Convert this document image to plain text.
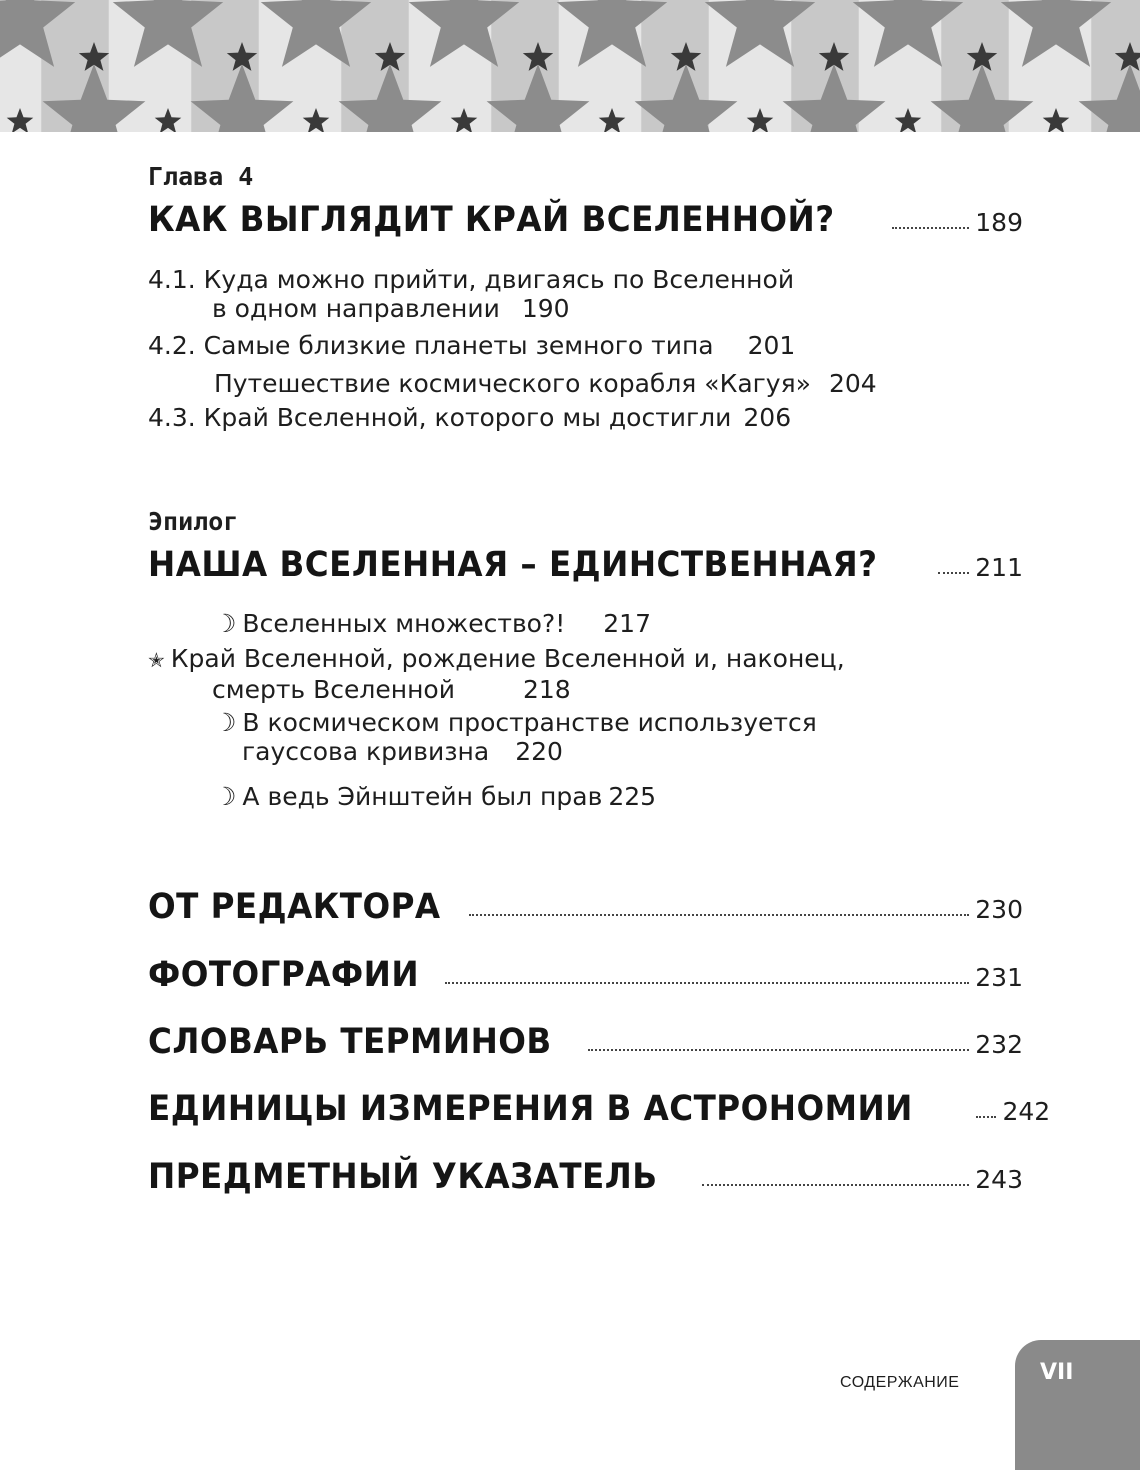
Глава 4
КАК ВЫГЛЯДИТ КРАЙ ВСЕЛЕННОЙ?	189
4.1. Куда можно прийти, двигаясь по Вселенной
в одном направлении 190
4.2. Самые близкие планеты земного типа 201
Путешествие космического корабля «Кагуя» 204
4.3. Край Вселенной, которого мы достигли 206
Эпилог
НАША ВСЕЛЕННАЯ – ЕДИНСТВЕННАЯ?	211
☽ Вселенных множество?! 217
✭ Край Вселенной, рождение Вселенной и, наконец,
смерть Вселенной	218
☽ В космическом пространстве используется
гауссова кривизна 220
☽ А ведь Эйнштейн был прав 225
ОТ РЕДАКТОРА	230
ФОТОГРАФИИ	231
СЛОВАРЬ ТЕРМИНОВ	232
ЕДИНИЦЫ ИЗМЕРЕНИЯ В АСТРОНОМИИ	242
ПРЕДМЕТНЫЙ УКАЗАТЕЛЬ	243
СОДЕРЖАНИЕ	VII
